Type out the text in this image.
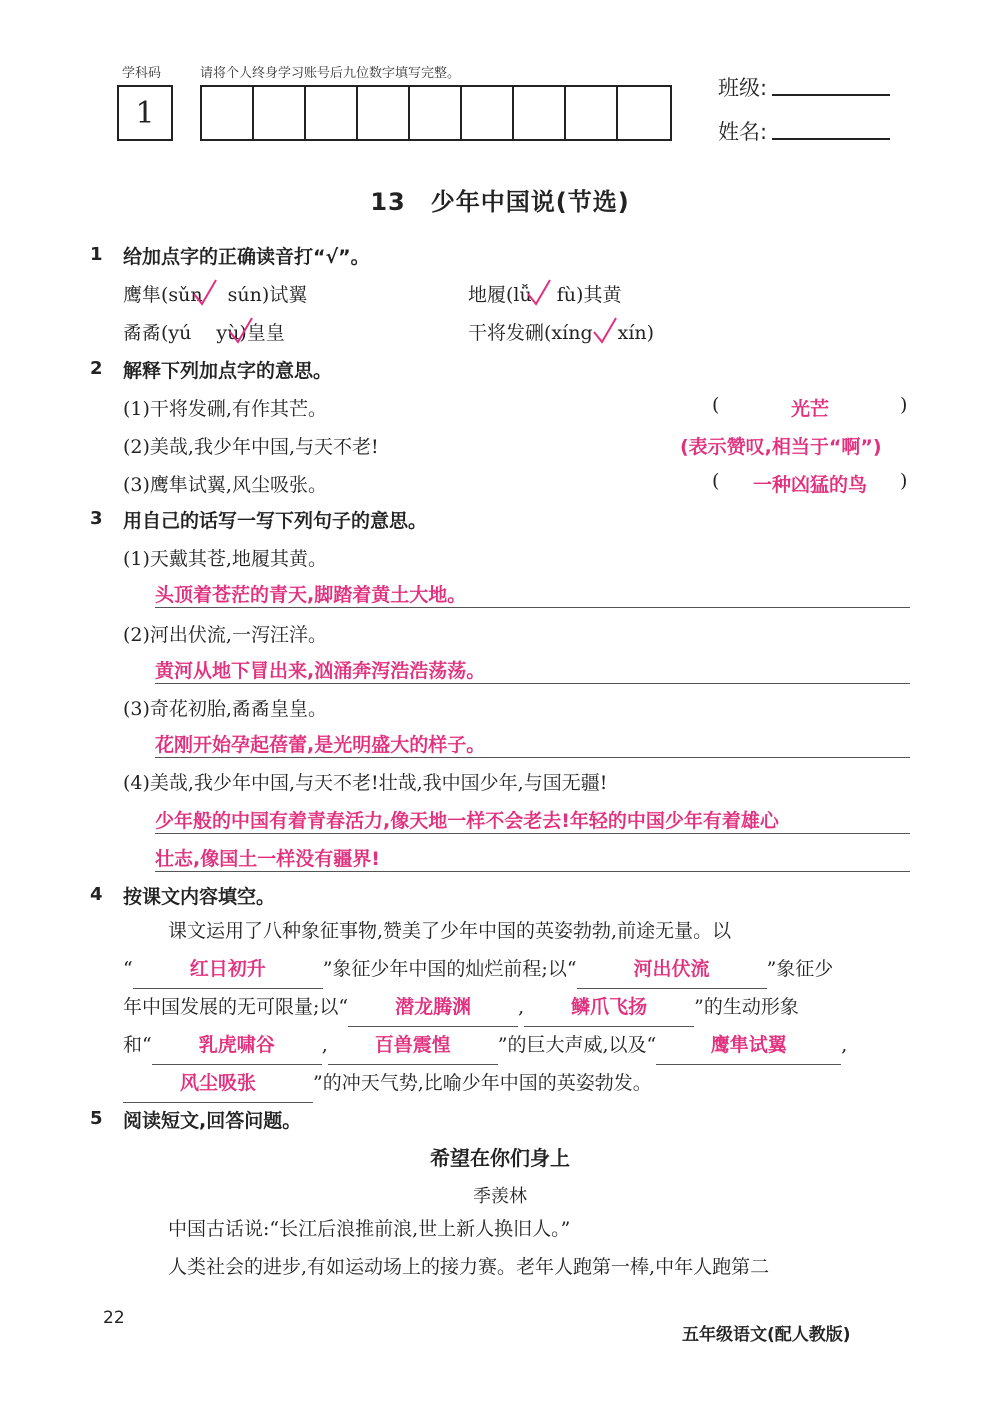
学科码	请将个人终身学习账号后九位数字填写完整。
1
班级:
姓名:
13　少年中国说(节选)
1 给加点字的正确读音打“√”。
鹰隼(sǔn　 sún)试翼	地履(lǚ　 fù)其黄
矞矞(yú　 yù)皇皇	干将发硎(xíng　 xín)
2 解释下列加点字的意思。
(1)干将发硎,有作其芒。	(	光芒	)
(2)美哉,我少年中国,与天不老!	(表示赞叹,相当于“啊”)
(3)鹰隼试翼,风尘吸张。	(	一种凶猛的鸟	)
3 用自己的话写一写下列句子的意思。
(1)天戴其苍,地履其黄。
头顶着苍茫的青天,脚踏着黄土大地。
(2)河出伏流,一泻汪洋。
黄河从地下冒出来,汹涌奔泻浩浩荡荡。
(3)奇花初胎,矞矞皇皇。
花刚开始孕起蓓蕾,是光明盛大的样子。
(4)美哉,我少年中国,与天不老!壮哉,我中国少年,与国无疆!
少年般的中国有着青春活力,像天地一样不会老去!年轻的中国少年有着雄心
壮志,像国土一样没有疆界!
4 按课文内容填空。
课文运用了八种象征事物,赞美了少年中国的英姿勃勃,前途无量。以
“	红日初升	”象征少年中国的灿烂前程;以“	河出伏流	”象征少
年中国发展的无可限量;以“ 潜龙腾渊 , 鳞爪飞扬 ”的生动形象
和“ 乳虎啸谷 , 百兽震惶 ”的巨大声威,以及“	鹰隼试翼	,
风尘吸张	”的冲天气势,比喻少年中国的英姿勃发。
5 阅读短文,回答问题。
希望在你们身上
季羡林
中国古话说:“长江后浪推前浪,世上新人换旧人。”
人类社会的进步,有如运动场上的接力赛。老年人跑第一棒,中年人跑第二
22
五年级语文(配人教版)
